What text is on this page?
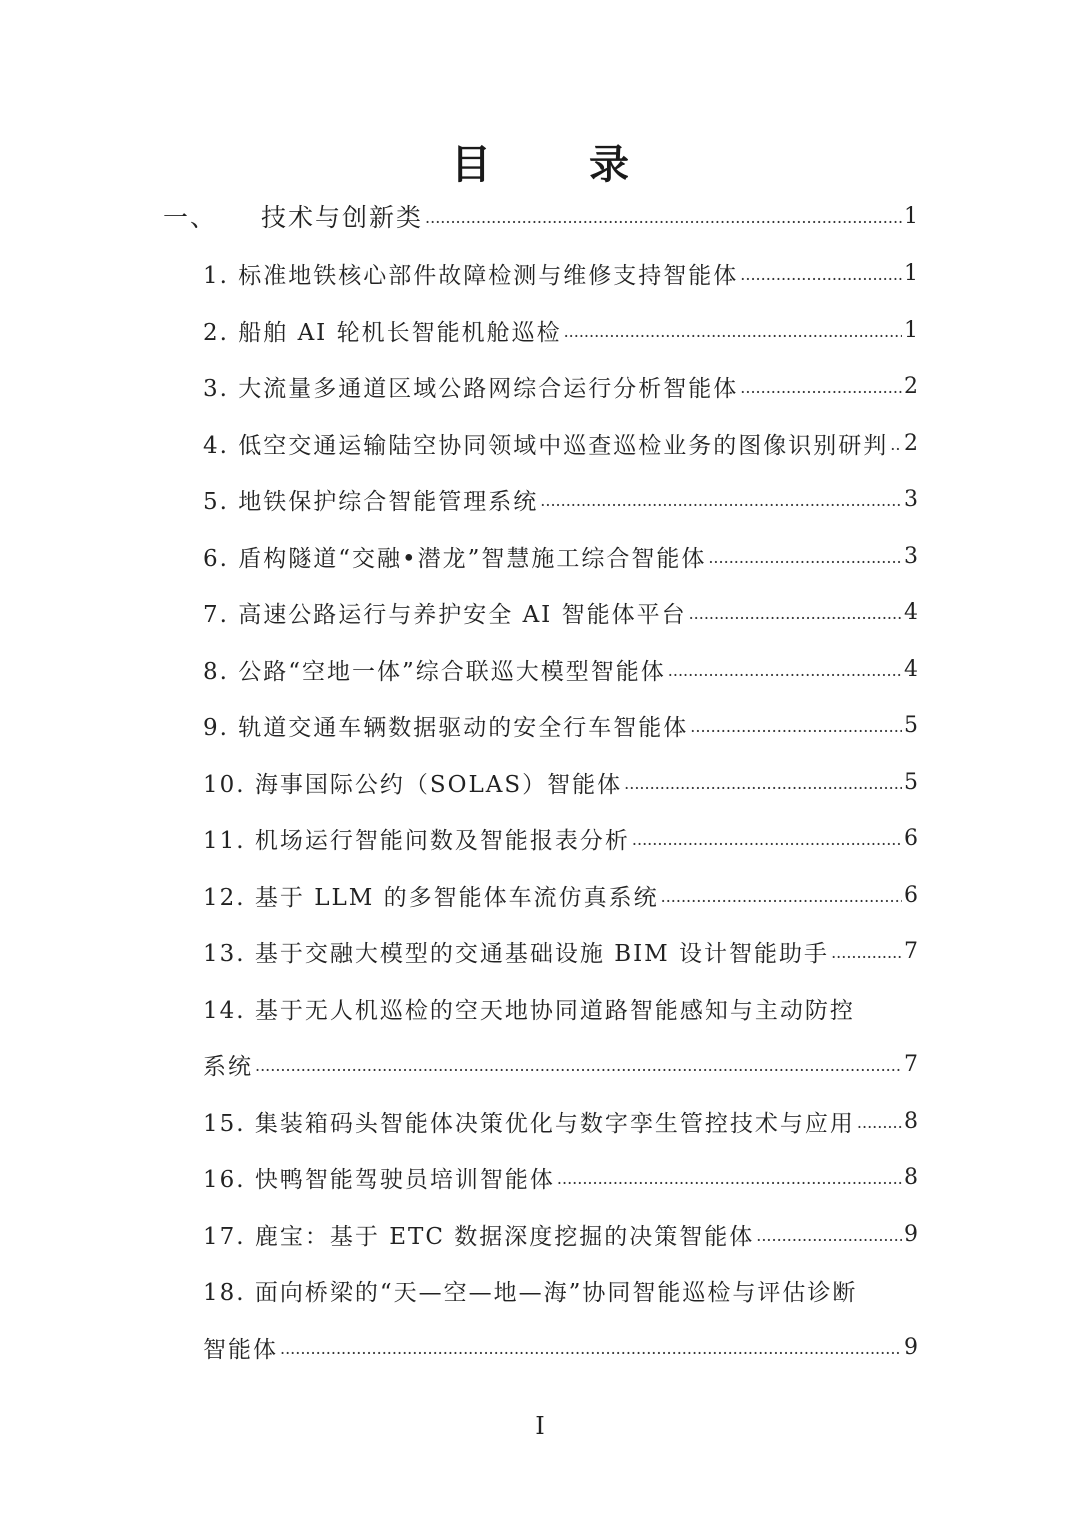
目 录
一、 技术与创新类 .....	1
1. 标准地铁核心部件故障检测与维修支持智能体 .....	1
2. 船舶 AI 轮机长智能机舱巡检 .....	1
3. 大流量多通道区域公路网综合运行分析智能体 .....	2
4. 低空交通运输陆空协同领域中巡查巡检业务的图像识别研判 ..... 2
5. 地铁保护综合智能管理系统 .....	3
6. 盾构隧道“交融•潜龙”智慧施工综合智能体 .....	3
7. 高速公路运行与养护安全 AI 智能体平台 .....	4
8. 公路“空地一体”综合联巡大模型智能体 .....	4
9. 轨道交通车辆数据驱动的安全行车智能体 .....	5
10. 海事国际公约（SOLAS）智能体 .....	5
11. 机场运行智能问数及智能报表分析 .....	6
12. 基于 LLM 的多智能体车流仿真系统 .....	6
13. 基于交融大模型的交通基础设施 BIM 设计智能助手 .....	7
14. 基于无人机巡检的空天地协同道路智能感知与主动防控
系统 .....	7
15. 集装箱码头智能体决策优化与数字孪生管控技术与应用 ..... 8
16. 快鸭智能驾驶员培训智能体 .....	8
17. 鹿宝：基于 ETC 数据深度挖掘的决策智能体 .....	9
18. 面向桥梁的“天—空—地—海”协同智能巡检与评估诊断
智能体 .....	9
I
